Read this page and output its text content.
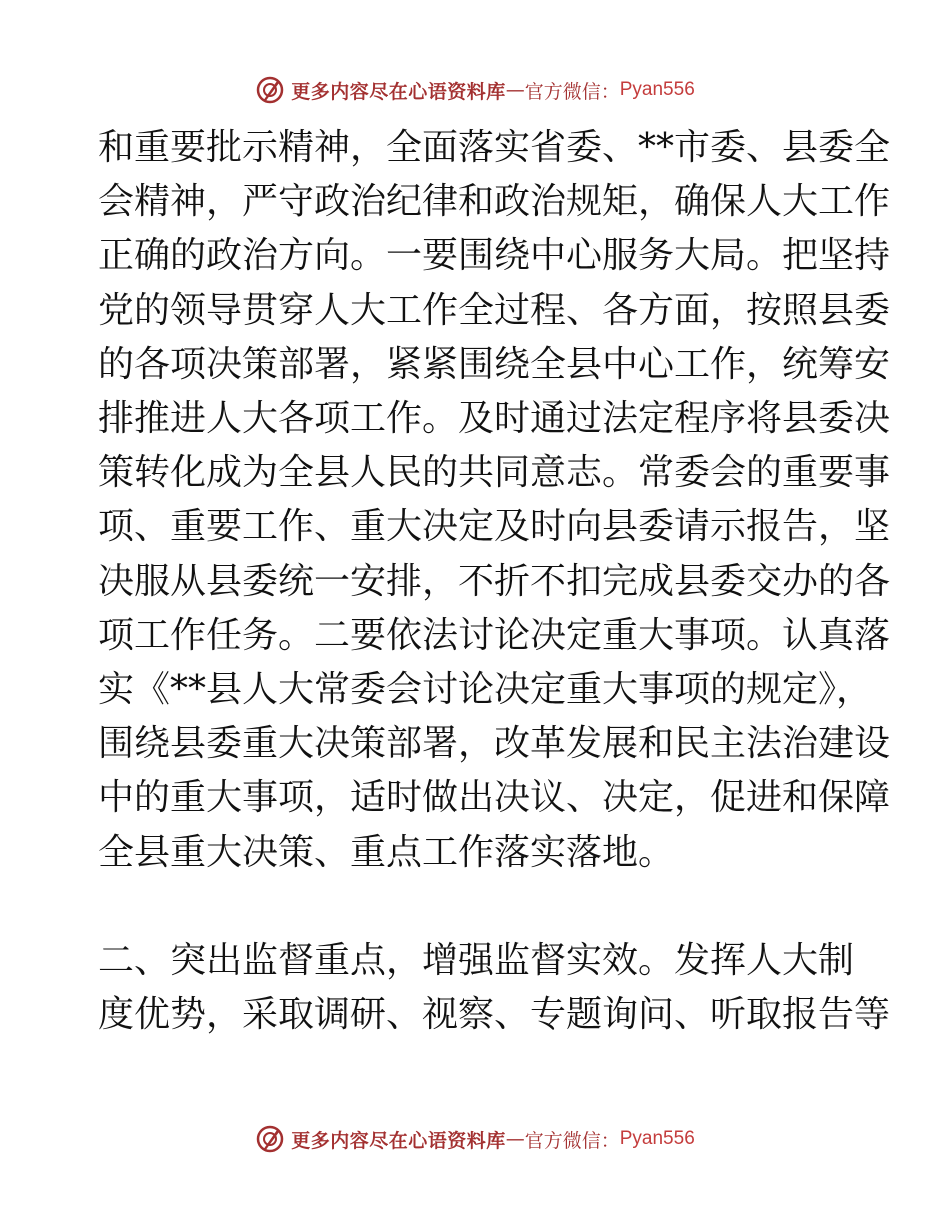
更多内容尽在心语资料库 — 官方微信： Pyan556

和重要批示精神，全面落实省委、**市委、县委全

会精神，严守政治纪律和政治规矩，确保人大工作

正确的政治方向。一要围绕中心服务大局。把坚持

党的领导贯穿人大工作全过程、各方面，按照县委

的各项决策部署，紧紧围绕全县中心工作，统筹安

排推进人大各项工作。及时通过法定程序将县委决

策转化成为全县人民的共同意志。常委会的重要事

项、重要工作、重大决定及时向县委请示报告，坚

决服从县委统一安排，不折不扣完成县委交办的各

项工作任务。二要依法讨论决定重大事项。认真落

实《**县人大常委会讨论决定重大事项的规定》，

围绕县委重大决策部署，改革发展和民主法治建设

中的重大事项，适时做出决议、决定，促进和保障

全县重大决策、重点工作落实落地。

二、突出监督重点，增强监督实效。发挥人大制

度优势，采取调研、视察、专题询问、听取报告等

更多内容尽在心语资料库 — 官方微信： Pyan556
